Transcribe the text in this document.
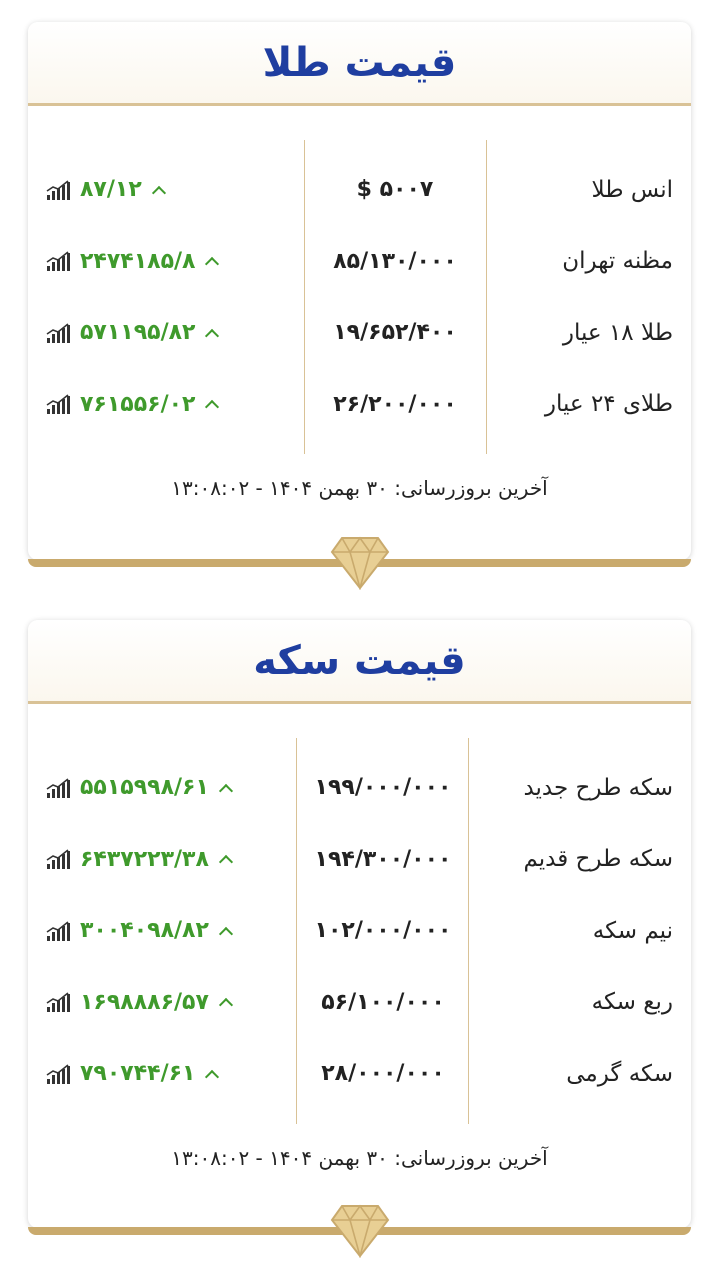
قیمت طلا
انس طلا
$ ۵۰۰۷
۸۷/۱۲
مظنه تهران
۸۵/۱۳۰/۰۰۰
۲۴۷۴۱۸۵/۸
طلا ۱۸ عیار
۱۹/۶۵۲/۴۰۰
۵۷۱۱۹۵/۸۲
طلای ۲۴ عیار
۲۶/۲۰۰/۰۰۰
۷۶۱۵۵۶/۰۲
آخرین بروزرسانی: ۳۰ بهمن ۱۴۰۴ - ۱۳:۰۸:۰۲
قیمت سکه
سکه طرح جدید
۱۹۹/۰۰۰/۰۰۰
۵۵۱۵۹۹۸/۶۱
سکه طرح قدیم
۱۹۴/۳۰۰/۰۰۰
۶۴۳۷۲۲۳/۳۸
نیم سکه
۱۰۲/۰۰۰/۰۰۰
۳۰۰۴۰۹۸/۸۲
ربع سکه
۵۶/۱۰۰/۰۰۰
۱۶۹۸۸۸۶/۵۷
سکه گرمی
۲۸/۰۰۰/۰۰۰
۷۹۰۷۴۴/۶۱
آخرین بروزرسانی: ۳۰ بهمن ۱۴۰۴ - ۱۳:۰۸:۰۲
